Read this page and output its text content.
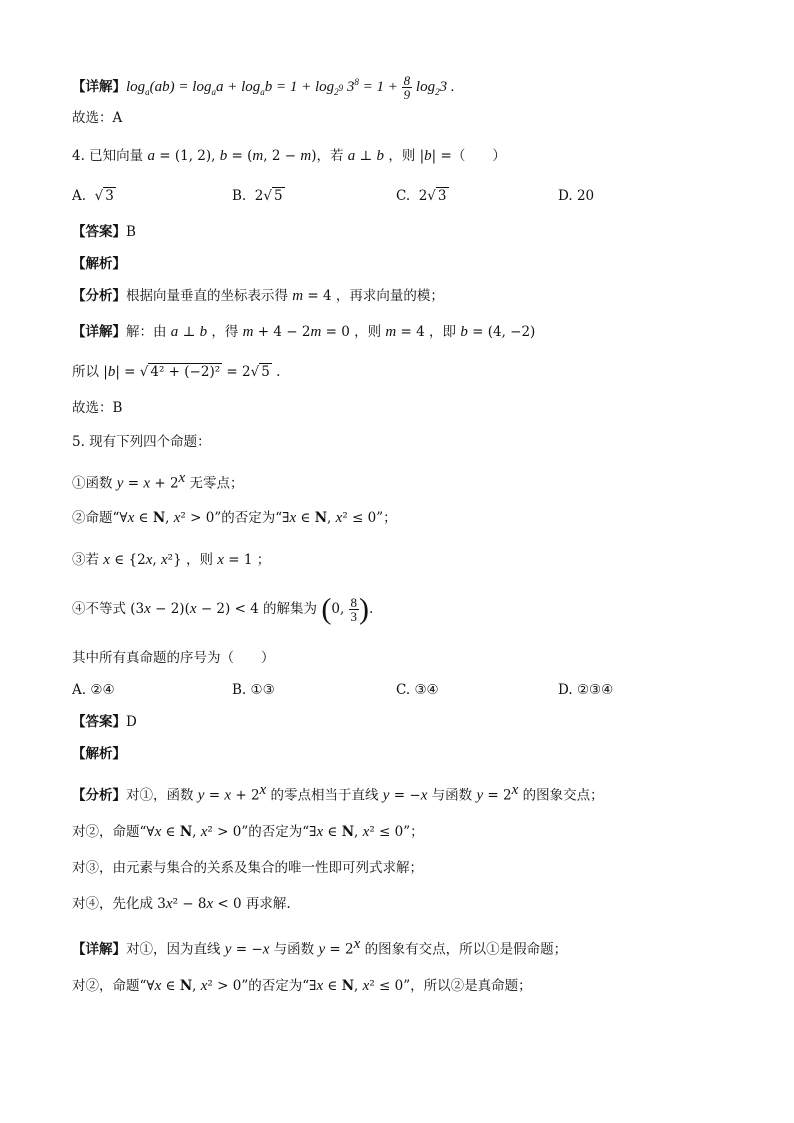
【详解】$\log_a(ab) = \log_aa + \log_ab = 1 + \log_{2^9} 3^8 = 1 + \frac{8}{9} \log_23$ .
故选：A
4. 已知向量 a = (1, 2), b = (m, 2 − m)，若 a ⊥ b ，则 |b| =（　　）
A.  √ 3	B.  2√ 5	C.  2√ 3	D. 20
【答案】B
【解析】
【分析】根据向量垂直的坐标表示得 m = 4 ，再求向量的模；
【详解】解：由 a ⊥ b ，得 m + 4 − 2m = 0 ，则 m = 4 ，即 b = (4, −2)
所以 |b| = √ 4² + (−2)² = 2√ 5 .
故选：B
5. 现有下列四个命题：
①函数 $y = x + 2^x$ 无零点；
②命题“∀x ∈ N, x² > 0”的否定为“∃x ∈ N, x² ≤ 0”；
③若 x ∈ {2x, x²} ，则 x = 1 ；
④不等式 (3x − 2)(x − 2) < 4 的解集为 (0, $\frac{8}{3}$ ).
其中所有真命题的序号为（　　）
A. ②④	B. ①③	C. ③④	D. ②③④
【答案】D
【解析】
【分析】对①，函数 $y = x + 2^x$ 的零点相当于直线 y = −x 与函数 $y = 2^x$ 的图象交点；
对②，命题“∀x ∈ N, x² > 0”的否定为“∃x ∈ N, x² ≤ 0”；
对③，由元素与集合的关系及集合的唯一性即可列式求解；
对④，先化成 3x² − 8x < 0 再求解.
【详解】对①，因为直线 y = −x 与函数 $y = 2^x$ 的图象有交点，所以①是假命题；
对②，命题“∀x ∈ N, x² > 0”的否定为“∃x ∈ N, x² ≤ 0”，所以②是真命题；
